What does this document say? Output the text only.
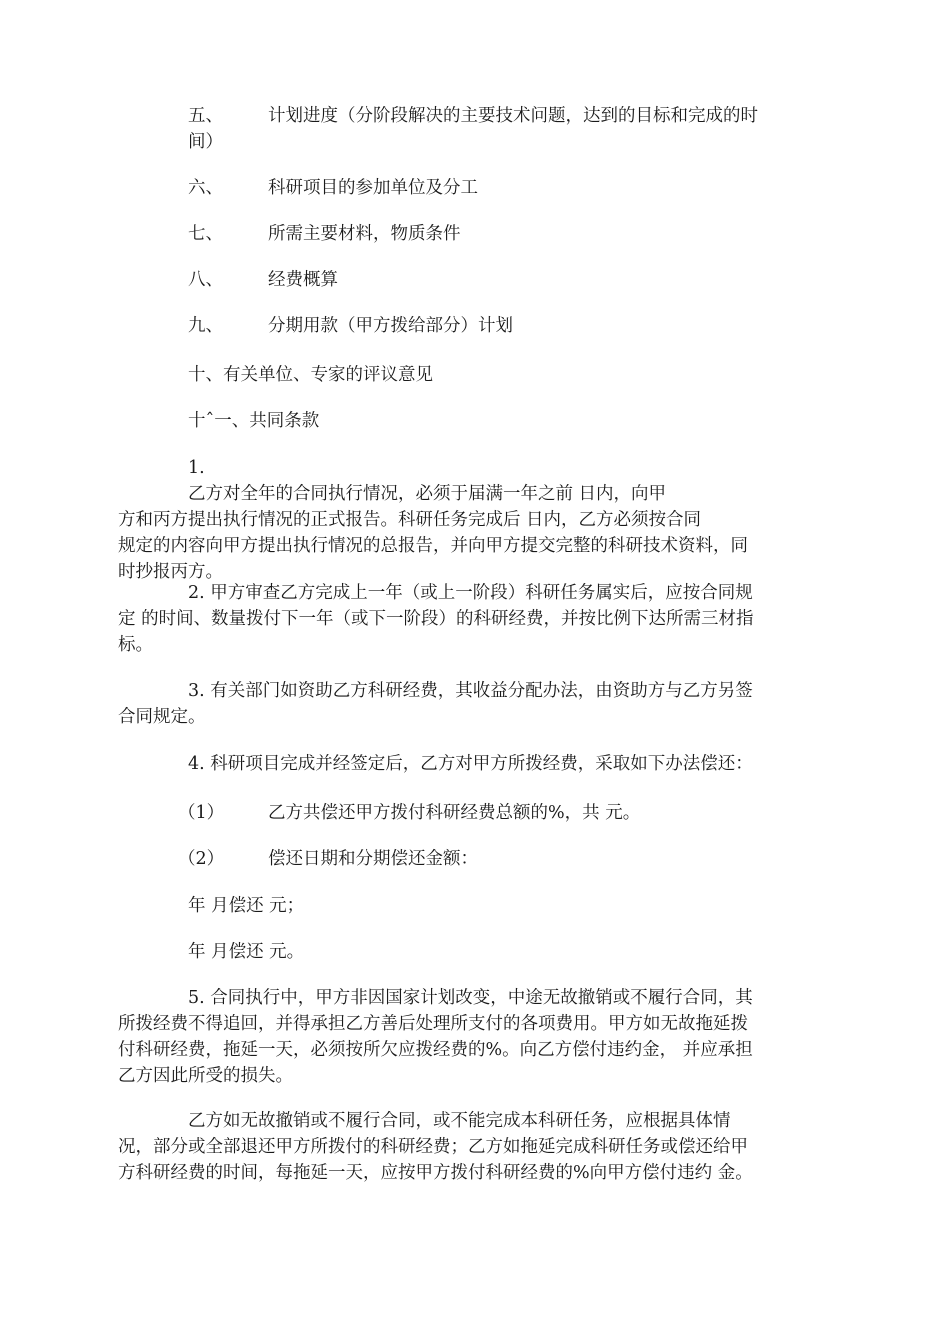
五、	计划进度（分阶段解决的主要技术问题，达到的目标和完成的时
间）
六、	科研项目的参加单位及分工
七、	所需主要材料，物质条件
八、	经费概算
九、	分期用款（甲方拨给部分）计划
十、有关单位、专家的评议意见
十ˆ一、共同条款
1.
乙方对全年的合同执行情况，必须于届满一年之前 日内，向甲
方和丙方提出执行情况的正式报告。科研任务完成后 日内，乙方必须按合同
规定的内容向甲方提出执行情况的总报告，并向甲方提交完整的科研技术资料，同
时抄报丙方。
2. 甲方审查乙方完成上一年（或上一阶段）科研任务属实后，应按合同规
定 的时间、数量拨付下一年（或下一阶段）的科研经费，并按比例下达所需三材指
标。
3. 有关部门如资助乙方科研经费，其收益分配办法，由资助方与乙方另签
合同规定。
4. 科研项目完成并经签定后，乙方对甲方所拨经费，采取如下办法偿还：
（1）	乙方共偿还甲方拨付科研经费总额的%，共 元。
（2）	偿还日期和分期偿还金额：
年 月偿还 元；
年 月偿还 元。
5. 合同执行中，甲方非因国家计划改变，中途无故撤销或不履行合同，其
所拨经费不得追回，并得承担乙方善后处理所支付的各项费用。甲方如无故拖延拨
付科研经费，拖延一天，必须按所欠应拨经费的%。向乙方偿付违约金， 并应承担
乙方因此所受的损失。
乙方如无故撤销或不履行合同，或不能完成本科研任务，应根据具体情
况，部分或全部退还甲方所拨付的科研经费；乙方如拖延完成科研任务或偿还给甲
方科研经费的时间，每拖延一天，应按甲方拨付科研经费的%向甲方偿付违约 金。
